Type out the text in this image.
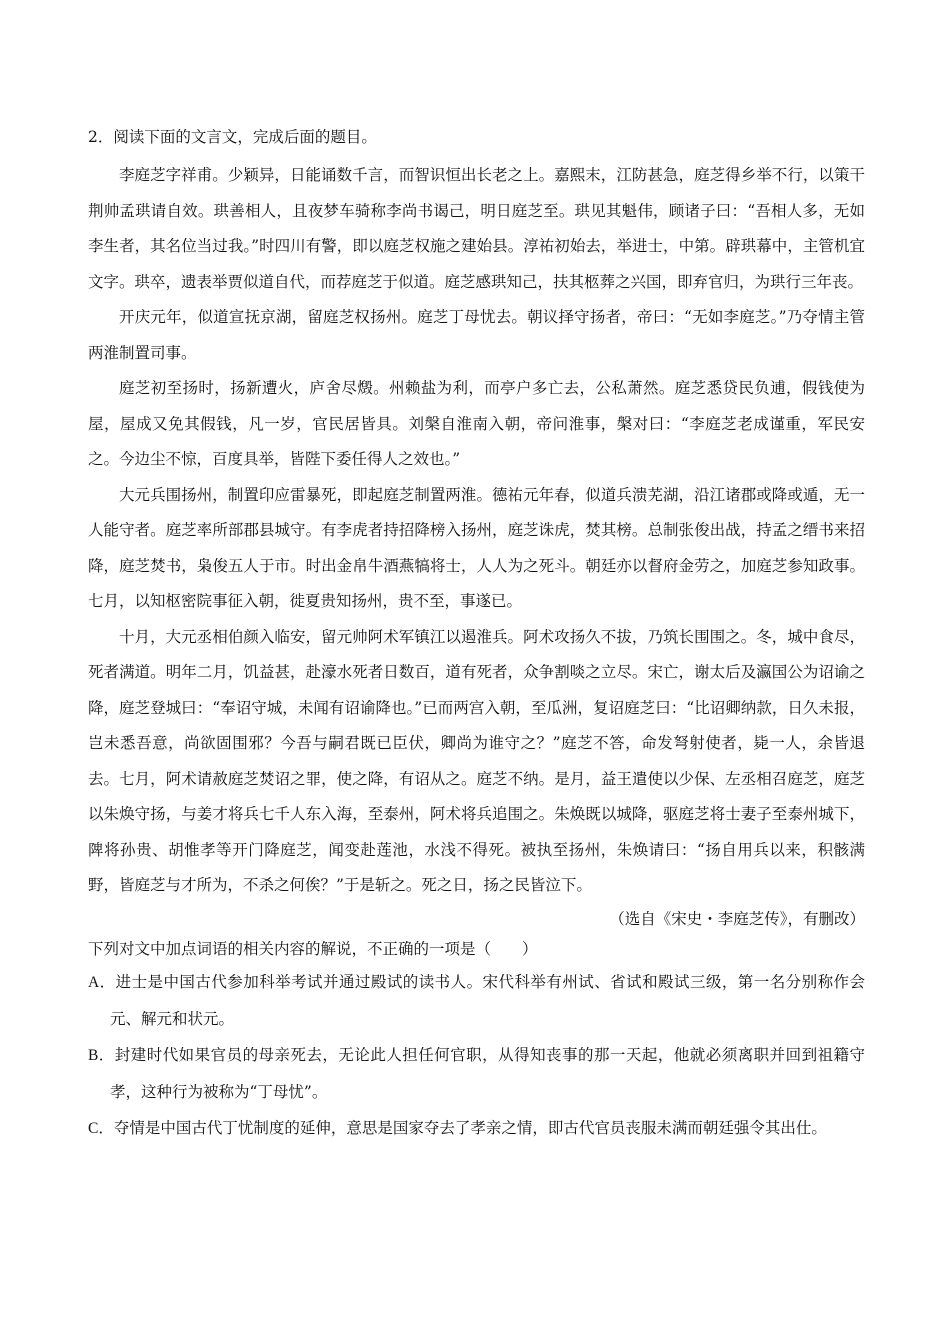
2．阅读下面的文言文，完成后面的题目。

李庭芝字祥甫。少颖异，日能诵数千言，而智识恒出长老之上。嘉熙末，江防甚急，庭芝得乡举不行，以策干荆帅孟珙请自效。珙善相人，且夜梦车骑称李尚书谒己，明日庭芝至。珙见其魁伟，顾诸子曰：“吾相人多，无如李生者，其名位当过我。”时四川有警，即以庭芝权施之建始县。淳祐初始去，举进士，中第。辟珙幕中，主管机宜文字。珙卒，遗表举贾似道自代，而荐庭芝于似道。庭芝感珙知己，扶其柩葬之兴国，即弃官归，为珙行三年丧。

开庆元年，似道宣抚京湖，留庭芝权扬州。庭芝丁母忧去。朝议择守扬者，帝曰：“无如李庭芝。”乃夺情主管两淮制置司事。

庭芝初至扬时，扬新遭火，庐舍尽燬。州赖盐为利，而亭户多亡去，公私萧然。庭芝悉贷民负逋，假钱使为屋，屋成又免其假钱，凡一岁，官民居皆具。刘槃自淮南入朝，帝问淮事，槃对曰：“李庭芝老成谨重，军民安之。今边尘不惊，百度具举，皆陛下委任得人之效也。”

大元兵围扬州，制置印应雷暴死，即起庭芝制置两淮。德祐元年春，似道兵溃芜湖，沿江诸郡或降或遁，无一人能守者。庭芝率所部郡县城守。有李虎者持招降榜入扬州，庭芝诛虎，焚其榜。总制张俊出战，持孟之缙书来招降，庭芝焚书，枭俊五人于市。时出金帛牛酒燕犒将士，人人为之死斗。朝廷亦以督府金劳之，加庭芝参知政事。七月，以知枢密院事征入朝，徙夏贵知扬州，贵不至，事遂已。

十月，大元丞相伯颜入临安，留元帅阿术军镇江以遏淮兵。阿术攻扬久不拔，乃筑长围围之。冬，城中食尽，死者满道。明年二月，饥益甚，赴濠水死者日数百，道有死者，众争割啖之立尽。宋亡，谢太后及瀛国公为诏谕之降，庭芝登城曰：“奉诏守城，未闻有诏谕降也。”已而两宫入朝，至瓜洲，复诏庭芝曰：“比诏卿纳款，日久未报，岂未悉吾意，尚欲固围邪？今吾与嗣君既已臣伏，卿尚为谁守之？”庭芝不答，命发弩射使者，毙一人，余皆退去。七月，阿术请赦庭芝焚诏之罪，使之降，有诏从之。庭芝不纳。是月，益王遣使以少保、左丞相召庭芝，庭芝以朱焕守扬，与姜才将兵七千人东入海，至泰州，阿术将兵追围之。朱焕既以城降，驱庭芝将士妻子至泰州城下，陴将孙贵、胡惟孝等开门降庭芝，闻变赴莲池，水浅不得死。被执至扬州，朱焕请曰：“扬自用兵以来，积骸满野，皆庭芝与才所为，不杀之何俟？”于是斩之。死之日，扬之民皆泣下。

（选自《宋史・李庭芝传》，有删改）

下列对文中加点词语的相关内容的解说，不正确的一项是（　　）

A．进士是中国古代参加科举考试并通过殿试的读书人。宋代科举有州试、省试和殿试三级，第一名分别称作会元、解元和状元。

B．封建时代如果官员的母亲死去，无论此人担任何官职，从得知丧事的那一天起，他就必须离职并回到祖籍守孝，这种行为被称为“丁母忧”。

C．夺情是中国古代丁忧制度的延伸，意思是国家夺去了孝亲之情，即古代官员丧服未满而朝廷强令其出仕。
